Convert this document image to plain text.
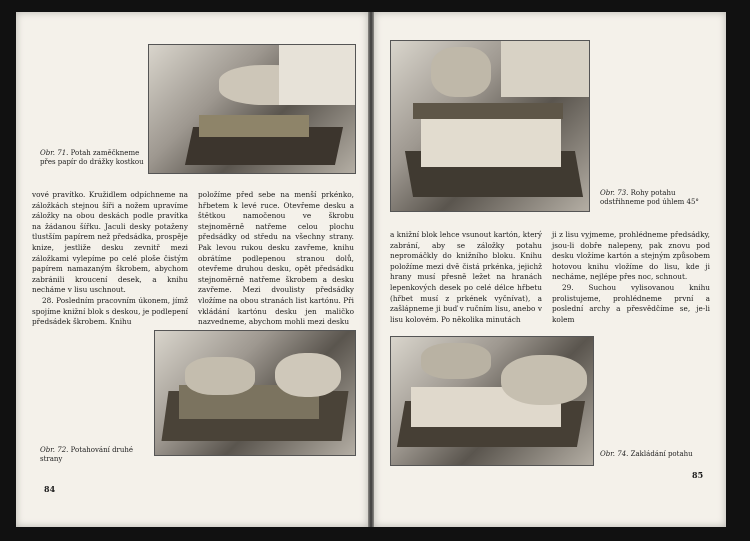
Obr. 71. Potah zaměčkneme přes papír do drážky kostkou

vové pravítko. Kružidlem odpíchneme na záložkách stejnou šíři a nožem upravíme záložky na obou deskách podle pravítka na žádanou šířku. Jaculi desky potaženy tlustším papírem než předsádka, prospěje knize, jestliže desku zevnitř mezi záložkami vylepíme po celé ploše čistým papírem namazaným škrobem, abychom zabránili kroucení desek, a knihu necháme v lisu uschnout.

28. Posledním pracovním úkonem, jímž spojíme knižní blok s deskou, je podlepení předsádek škrobem. Knihu

položíme před sebe na menší prkénko, hřbetem k levé ruce. Otevřeme desku a štětkou namočenou ve škrobu stejnoměrně natřeme celou plochu předsádky od středu na všechny strany. Pak levou rukou desku zavřeme, knihu obrátíme podlepenou stranou dolů, otevřeme druhou desku, opět předsádku stejnoměrně natřeme škrobem a desku zavřeme. Mezi dvoulisty předsádky vložíme na obou stranách list kartónu. Při vkládání kartónu desku jen maličko nazvedneme, abychom mohli mezi desku

Obr. 72. Potahování druhé strany
84
Obr. 73. Rohy potahu odstřihneme pod úhlem 45°

a knižní blok lehce vsunout kartón, který zabrání, aby se záložky potahu nepromáčkly do knižního bloku. Knihu položíme mezi dvě čistá prkénka, jejichž hrany musí přesně ležet na hranách lepenkových desek po celé délce hřbetu (hřbet musí z prkének vyčnívat), a zašlápneme ji buď v ručním lisu, anebo v lisu kolovém. Po několika minutách

ji z lisu vyjmeme, prohlédneme předsádky, jsou-li dobře nalepeny, pak znovu pod desku vložíme kartón a stejným způsobem hotovou knihu vložíme do lisu, kde ji necháme, nejlépe přes noc, schnout.

29. Suchou vylisovanou knihu prolistujeme, prohlédneme první a poslední archy a přesvědčíme se, je-li kolem

Obr. 74. Zakládání potahu
85
